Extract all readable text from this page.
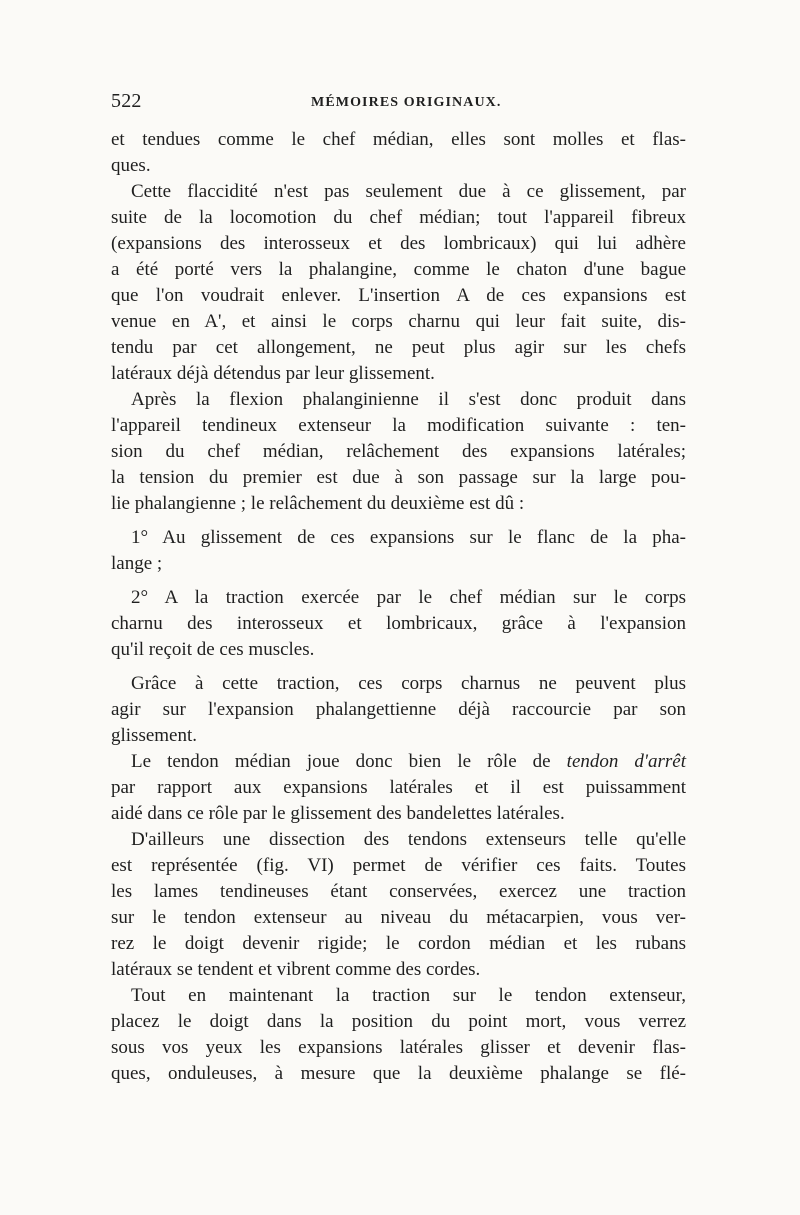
522	MÉMOIRES ORIGINAUX.
et tendues comme le chef médian, elles sont molles et flas-
ques.
Cette flaccidité n'est pas seulement due à ce glissement, par
suite de la locomotion du chef médian; tout l'appareil fibreux
(expansions des interosseux et des lombricaux) qui lui adhère
a été porté vers la phalangine, comme le chaton d'une bague
que l'on voudrait enlever. L'insertion A de ces expansions est
venue en A', et ainsi le corps charnu qui leur fait suite, dis-
tendu par cet allongement, ne peut plus agir sur les chefs
latéraux déjà détendus par leur glissement.
Après la flexion phalanginienne il s'est donc produit dans
l'appareil tendineux extenseur la modification suivante : ten-
sion du chef médian, relâchement des expansions latérales;
la tension du premier est due à son passage sur la large pou-
lie phalangienne ; le relâchement du deuxième est dû :
1° Au glissement de ces expansions sur le flanc de la pha-
lange ;
2° A la traction exercée par le chef médian sur le corps
charnu des interosseux et lombricaux, grâce à l'expansion
qu'il reçoit de ces muscles.
Grâce à cette traction, ces corps charnus ne peuvent plus
agir sur l'expansion phalangettienne déjà raccourcie par son
glissement.
Le tendon médian joue donc bien le rôle de tendon d'arrêt
par rapport aux expansions latérales et il est puissamment
aidé dans ce rôle par le glissement des bandelettes latérales.
D'ailleurs une dissection des tendons extenseurs telle qu'elle
est représentée (fig. VI) permet de vérifier ces faits. Toutes
les lames tendineuses étant conservées, exercez une traction
sur le tendon extenseur au niveau du métacarpien, vous ver-
rez le doigt devenir rigide; le cordon médian et les rubans
latéraux se tendent et vibrent comme des cordes.
Tout en maintenant la traction sur le tendon extenseur,
placez le doigt dans la position du point mort, vous verrez
sous vos yeux les expansions latérales glisser et devenir flas-
ques, onduleuses, à mesure que la deuxième phalange se flé-
